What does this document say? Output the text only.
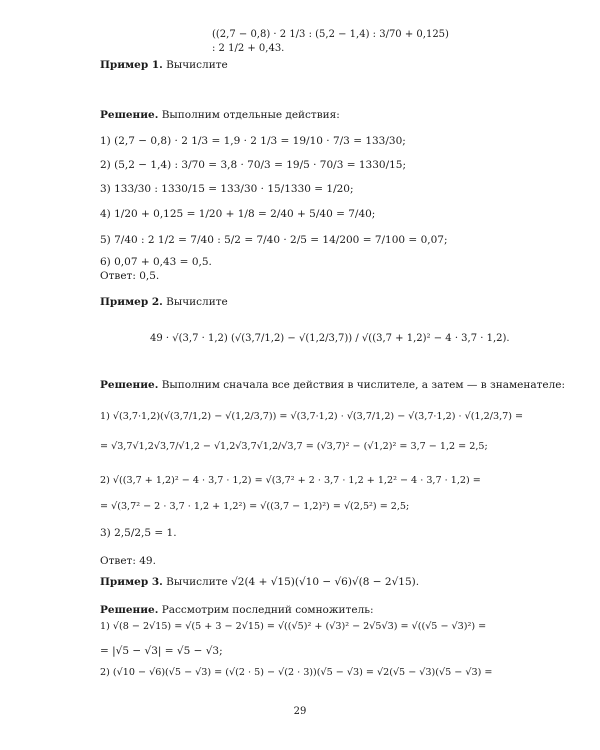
Пример 1. Вычислите
((2,7 − 0,8) · 2 1/3 : (5,2 − 1,4) : 3/70 + 0,125) : 2 1/2 + 0,43.
Решение. Выполним отдельные действия:
1) (2,7 − 0,8) · 2 1/3 = 1,9 · 2 1/3 = 19/10 · 7/3 = 133/30;
2) (5,2 − 1,4) : 3/70 = 3,8 · 70/3 = 19/5 · 70/3 = 1330/15;
3) 133/30 : 1330/15 = 133/30 · 15/1330 = 1/20;
4) 1/20 + 0,125 = 1/20 + 1/8 = 2/40 + 5/40 = 7/40;
5) 7/40 : 2 1/2 = 7/40 : 5/2 = 7/40 · 2/5 = 14/200 = 7/100 = 0,07;
6) 0,07 + 0,43 = 0,5.
Ответ: 0,5.
Пример 2. Вычислите
49 · √(3,7 · 1,2) (√(3,7/1,2) − √(1,2/3,7)) / √((3,7 + 1,2)² − 4 · 3,7 · 1,2).
Решение. Выполним сначала все действия в числителе, а затем — в знаменателе:
1) √(3,7·1,2)(√(3,7/1,2) − √(1,2/3,7)) = √(3,7·1,2) · √(3,7/1,2) − √(3,7·1,2) · √(1,2/3,7) =
= √3,7√1,2√3,7/√1,2 − √1,2√3,7√1,2/√3,7 = (√3,7)² − (√1,2)² = 3,7 − 1,2 = 2,5;
2) √((3,7 + 1,2)² − 4 · 3,7 · 1,2) = √(3,7² + 2 · 3,7 · 1,2 + 1,2² − 4 · 3,7 · 1,2) =
= √(3,7² − 2 · 3,7 · 1,2 + 1,2²) = √((3,7 − 1,2)²) = √(2,5²) = 2,5;
3) 2,5/2,5 = 1.
Ответ: 49.
Пример 3. Вычислите √2(4 + √15)(√10 − √6)√(8 − 2√15).
Решение. Рассмотрим последний сомножитель:
1) √(8 − 2√15) = √(5 + 3 − 2√15) = √((√5)² + (√3)² − 2√5√3) = √((√5 − √3)²) =
= |√5 − √3| = √5 − √3;
2) (√10 − √6)(√5 − √3) = (√(2 · 5) − √(2 · 3))(√5 − √3) = √2(√5 − √3)(√5 − √3) =
29
